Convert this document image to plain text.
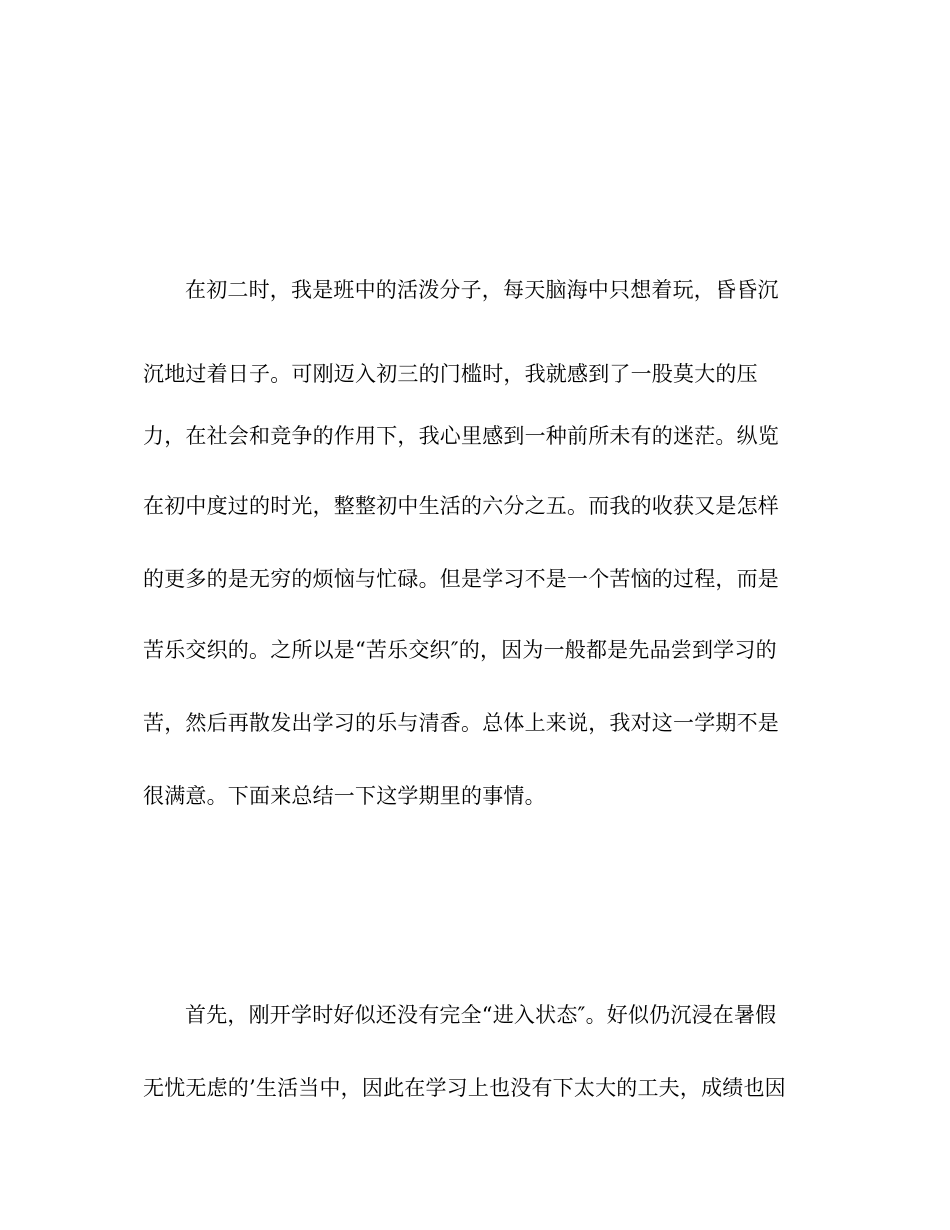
在初二时，我是班中的活泼分子，每天脑海中只想着玩，昏昏沉
沉地过着日子。可刚迈入初三的门槛时，我就感到了一股莫大的压
力，在社会和竞争的作用下，我心里感到一种前所未有的迷茫。纵览
在初中度过的时光，整整初中生活的六分之五。而我的收获又是怎样
的更多的是无穷的烦恼与忙碌。但是学习不是一个苦恼的过程，而是
苦乐交织的。之所以是“苦乐交织″的，因为一般都是先品尝到学习的
苦，然后再散发出学习的乐与清香。总体上来说，我对这一学期不是
很满意。下面来总结一下这学期里的事情。
首先，刚开学时好似还没有完全“进入状态″。好似仍沉浸在暑假
无忧无虑的’生活当中，因此在学习上也没有下太大的工夫，成绩也因
